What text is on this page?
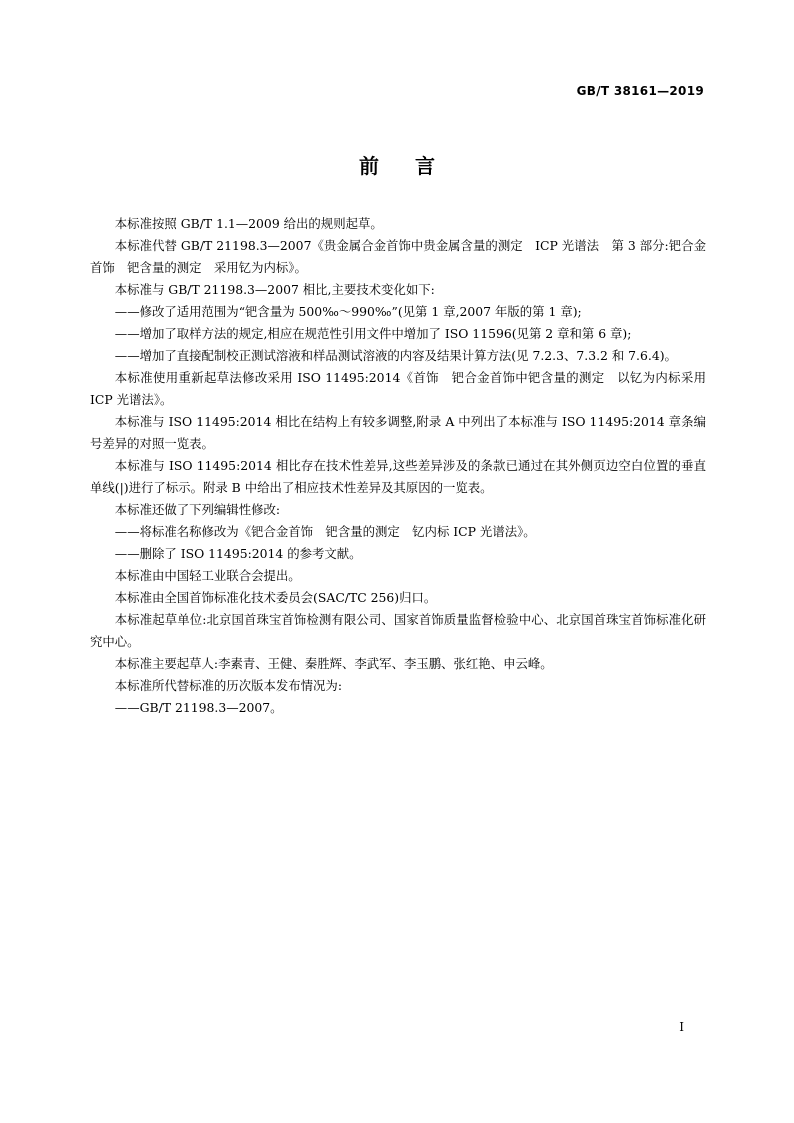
GB/T 38161—2019
前言

本标准按照 GB/T 1.1—2009 给出的规则起草。

本标准代替 GB/T 21198.3—2007《贵金属合金首饰中贵金属含量的测定　ICP 光谱法　第 3 部分:钯合金首饰　钯含量的测定　采用钇为内标》。

本标准与 GB/T 21198.3—2007 相比,主要技术变化如下:

——修改了适用范围为“钯含量为 500‰～990‰”(见第 1 章,2007 年版的第 1 章);

——增加了取样方法的规定,相应在规范性引用文件中增加了 ISO 11596(见第 2 章和第 6 章);

——增加了直接配制校正测试溶液和样品测试溶液的内容及结果计算方法(见 7.2.3、7.3.2 和 7.6.4)。

本标准使用重新起草法修改采用 ISO 11495:2014《首饰　钯合金首饰中钯含量的测定　以钇为内标采用 ICP 光谱法》。

本标准与 ISO 11495:2014 相比在结构上有较多调整,附录 A 中列出了本标准与 ISO 11495:2014 章条编号差异的对照一览表。

本标准与 ISO 11495:2014 相比存在技术性差异,这些差异涉及的条款已通过在其外侧页边空白位置的垂直单线(|)进行了标示。附录 B 中给出了相应技术性差异及其原因的一览表。

本标准还做了下列编辑性修改:

——将标准名称修改为《钯合金首饰　钯含量的测定　钇内标 ICP 光谱法》。

——删除了 ISO 11495:2014 的参考文献。

本标准由中国轻工业联合会提出。

本标准由全国首饰标准化技术委员会(SAC/TC 256)归口。

本标准起草单位:北京国首珠宝首饰检测有限公司、国家首饰质量监督检验中心、北京国首珠宝首饰标准化研究中心。

本标准主要起草人:李素青、王健、秦胜辉、李武军、李玉鹏、张红艳、申云峰。

本标准所代替标准的历次版本发布情况为:

——GB/T 21198.3—2007。

I
